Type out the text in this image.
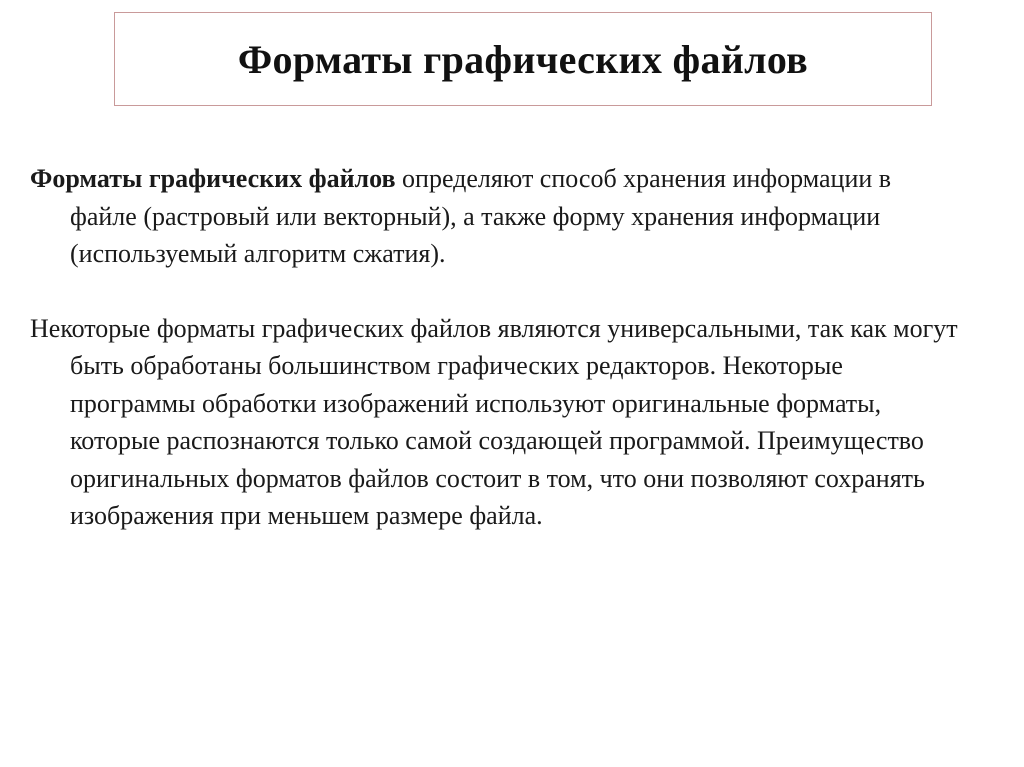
Форматы графических файлов

Форматы графических файлов определяют способ хранения информации в файле (растровый или векторный), а также форму хранения информации (используемый алгоритм сжатия).

Некоторые форматы графических файлов являются универсальными, так как могут быть обработаны большинством графических редакторов. Некоторые программы обработки изображений используют оригинальные форматы, которые распознаются только самой создающей программой. Преимущество оригинальных форматов файлов состоит в том, что они позволяют сохранять изображения при меньшем размере файла.
